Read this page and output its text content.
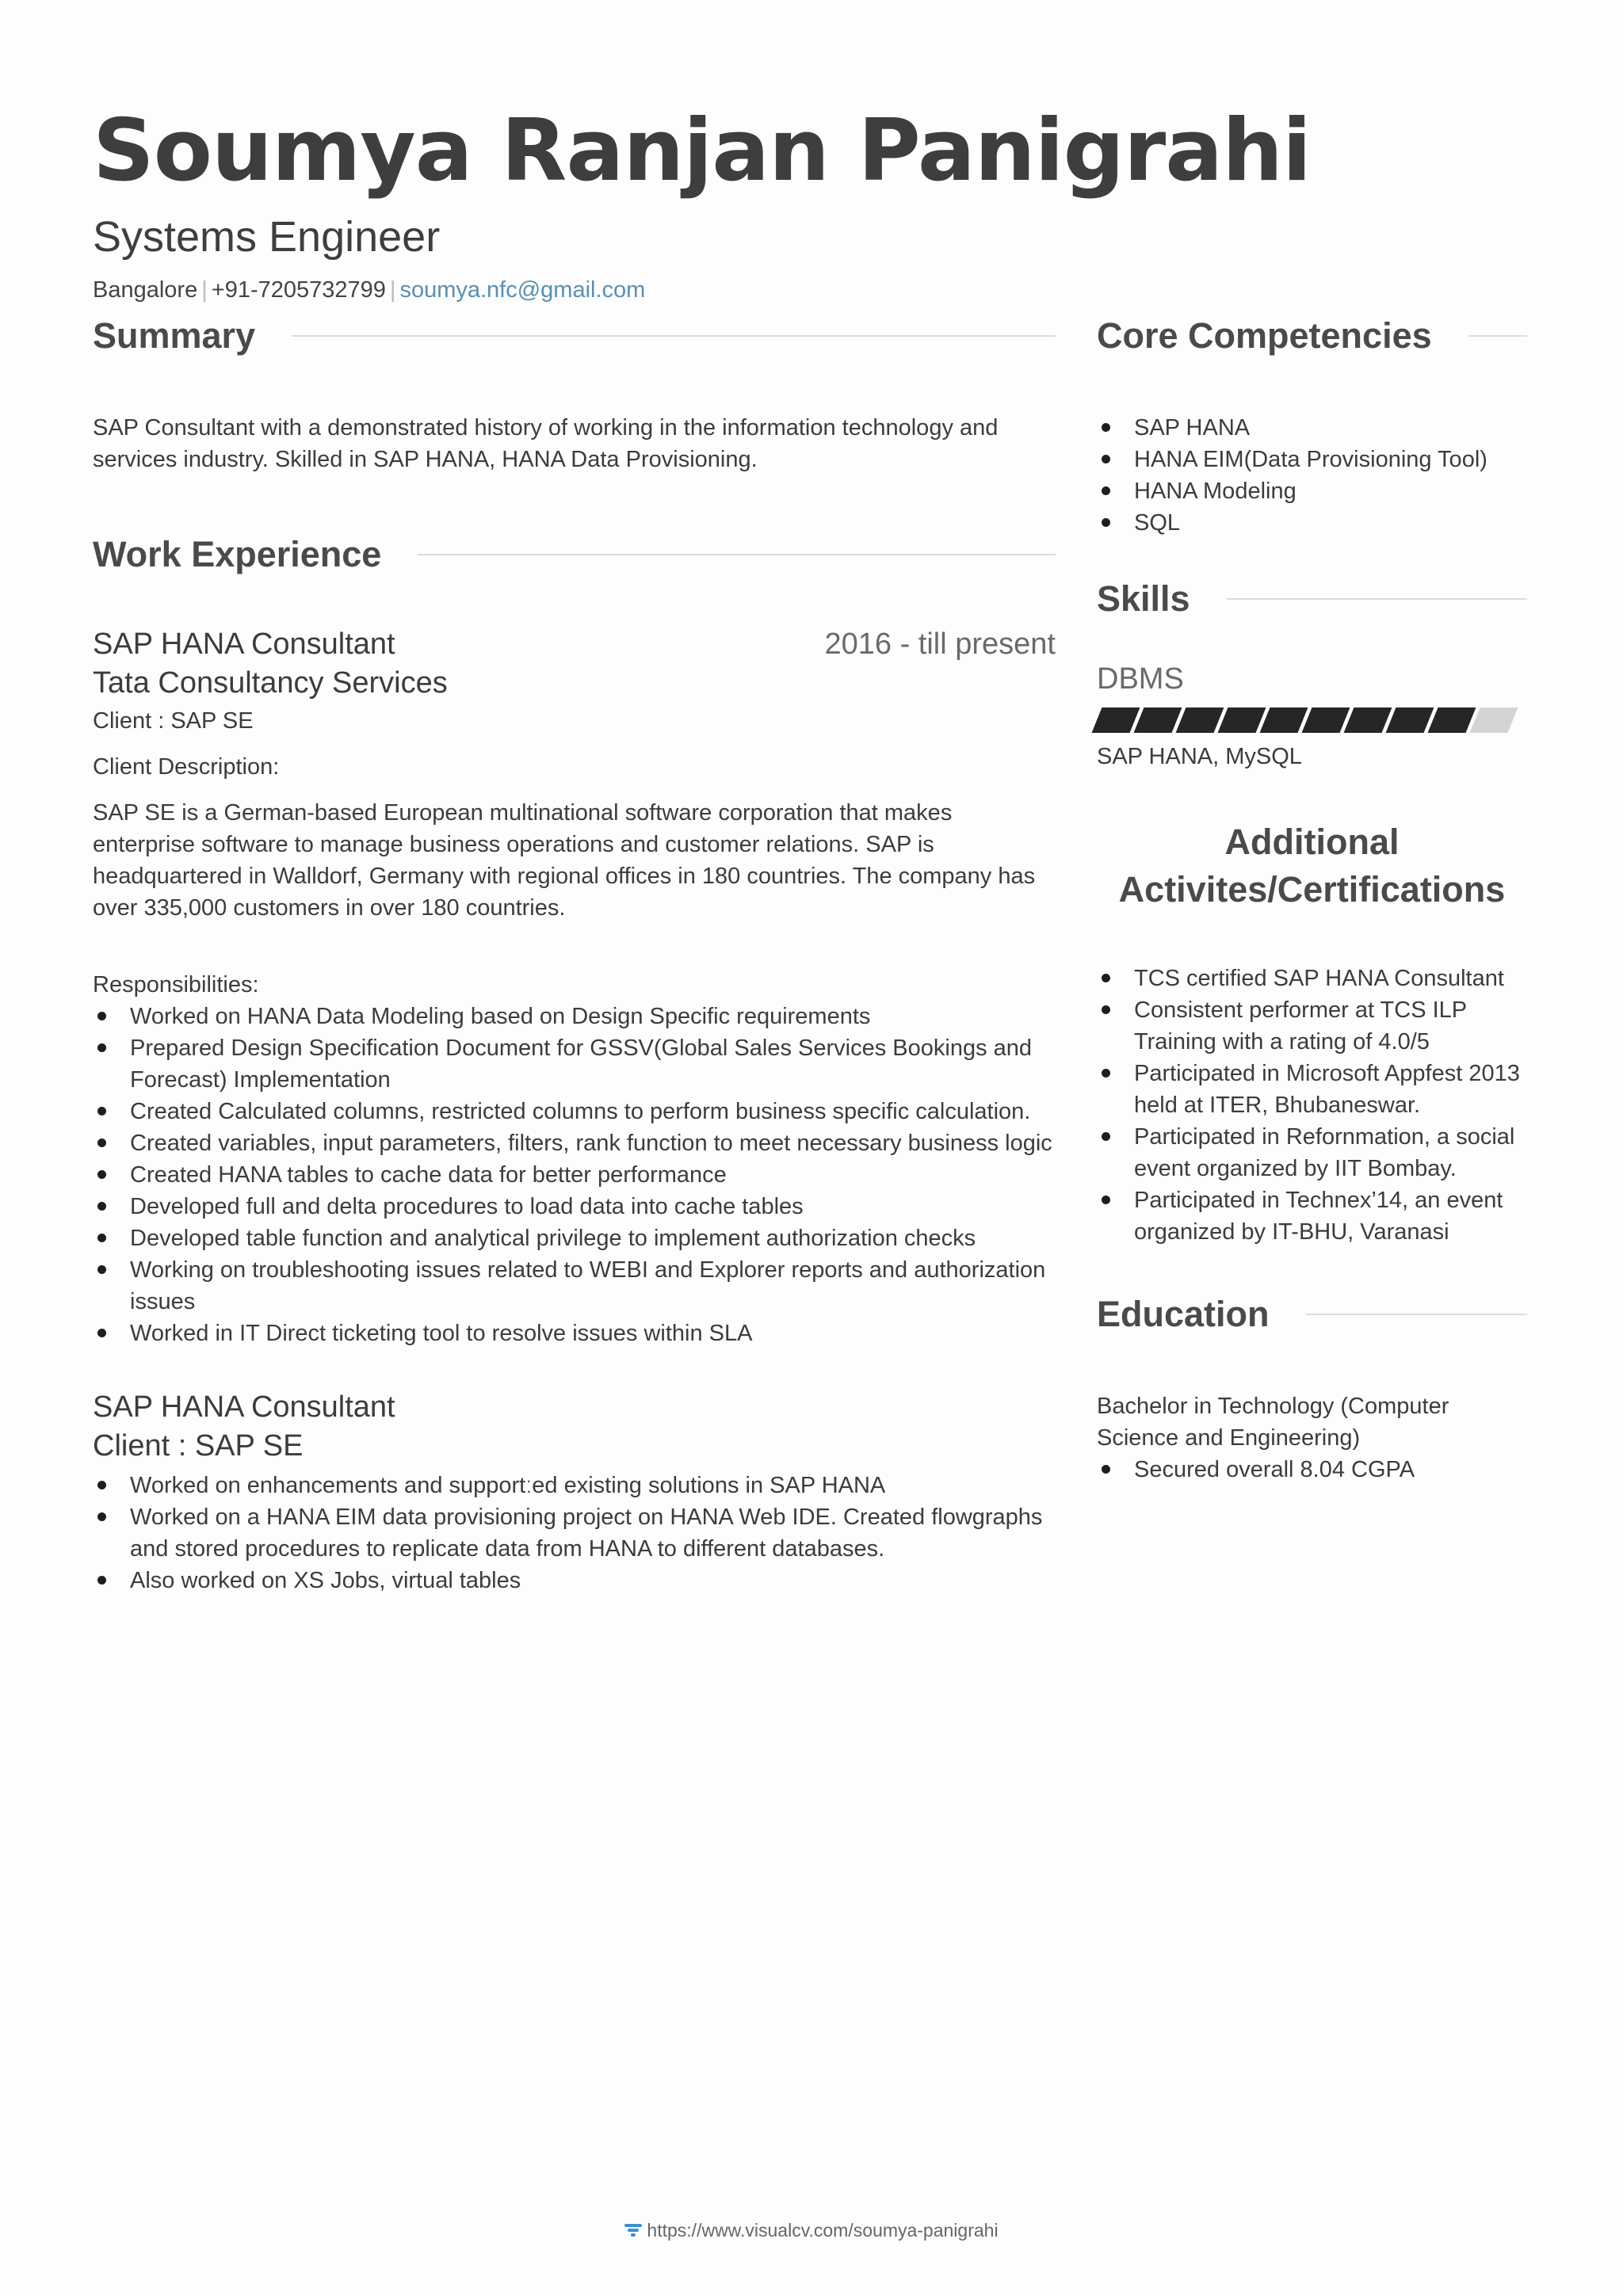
Soumya Ranjan Panigrahi
Systems Engineer
Bangalore | +91-7205732799 | soumya.nfc@gmail.com
Summary

SAP Consultant with a demonstrated history of working in the information technology and services industry. Skilled in SAP HANA, HANA Data Provisioning.

Work Experience
SAP HANA Consultant	2016 - till present
Tata Consultancy Services
Client : SAP SE
Client Description:

SAP SE is a German-based European multinational software corporation that makes enterprise software to manage business operations and customer relations. SAP is headquartered in Walldorf, Germany with regional offices in 180 countries. The company has over 335,000 customers in over 180 countries.

Responsibilities:
Worked on HANA Data Modeling based on Design Specific requirements
Prepared Design Specification Document for GSSV(Global Sales Services Bookings and Forecast) Implementation
Created Calculated columns, restricted columns to perform business specific calculation.
Created variables, input parameters, filters, rank function to meet necessary business logic
Created HANA tables to cache data for better performance
Developed full and delta procedures to load data into cache tables
Developed table function and analytical privilege to implement authorization checks
Working on troubleshooting issues related to WEBI and Explorer reports and authorization issues
Worked in IT Direct ticketing tool to resolve issues within SLA
SAP HANA Consultant
Client : SAP SE
Worked on enhancements and supportːed existing solutions in SAP HANA
Worked on a HANA EIM data provisioning project on HANA Web IDE. Created flowgraphs and stored procedures to replicate data from HANA to different databases.
Also worked on XS Jobs, virtual tables
Core Competencies
SAP HANA
HANA EIM(Data Provisioning Tool)
HANA Modeling
SQL
Skills
DBMS
SAP HANA, MySQL
Additional
Activites/Certifications
TCS certified SAP HANA Consultant
Consistent performer at TCS ILP Training with a rating of 4.0/5
Participated in Microsoft Appfest 2013 held at ITER, Bhubaneswar.
Participated in Refornmation, a social event organized by IIT Bombay.
Participated in Technex’14, an event organized by IT-BHU, Varanasi
Education
Bachelor in Technology (Computer Science and Engineering)
Secured overall 8.04 CGPA
https://www.visualcv.com/soumya-panigrahi
